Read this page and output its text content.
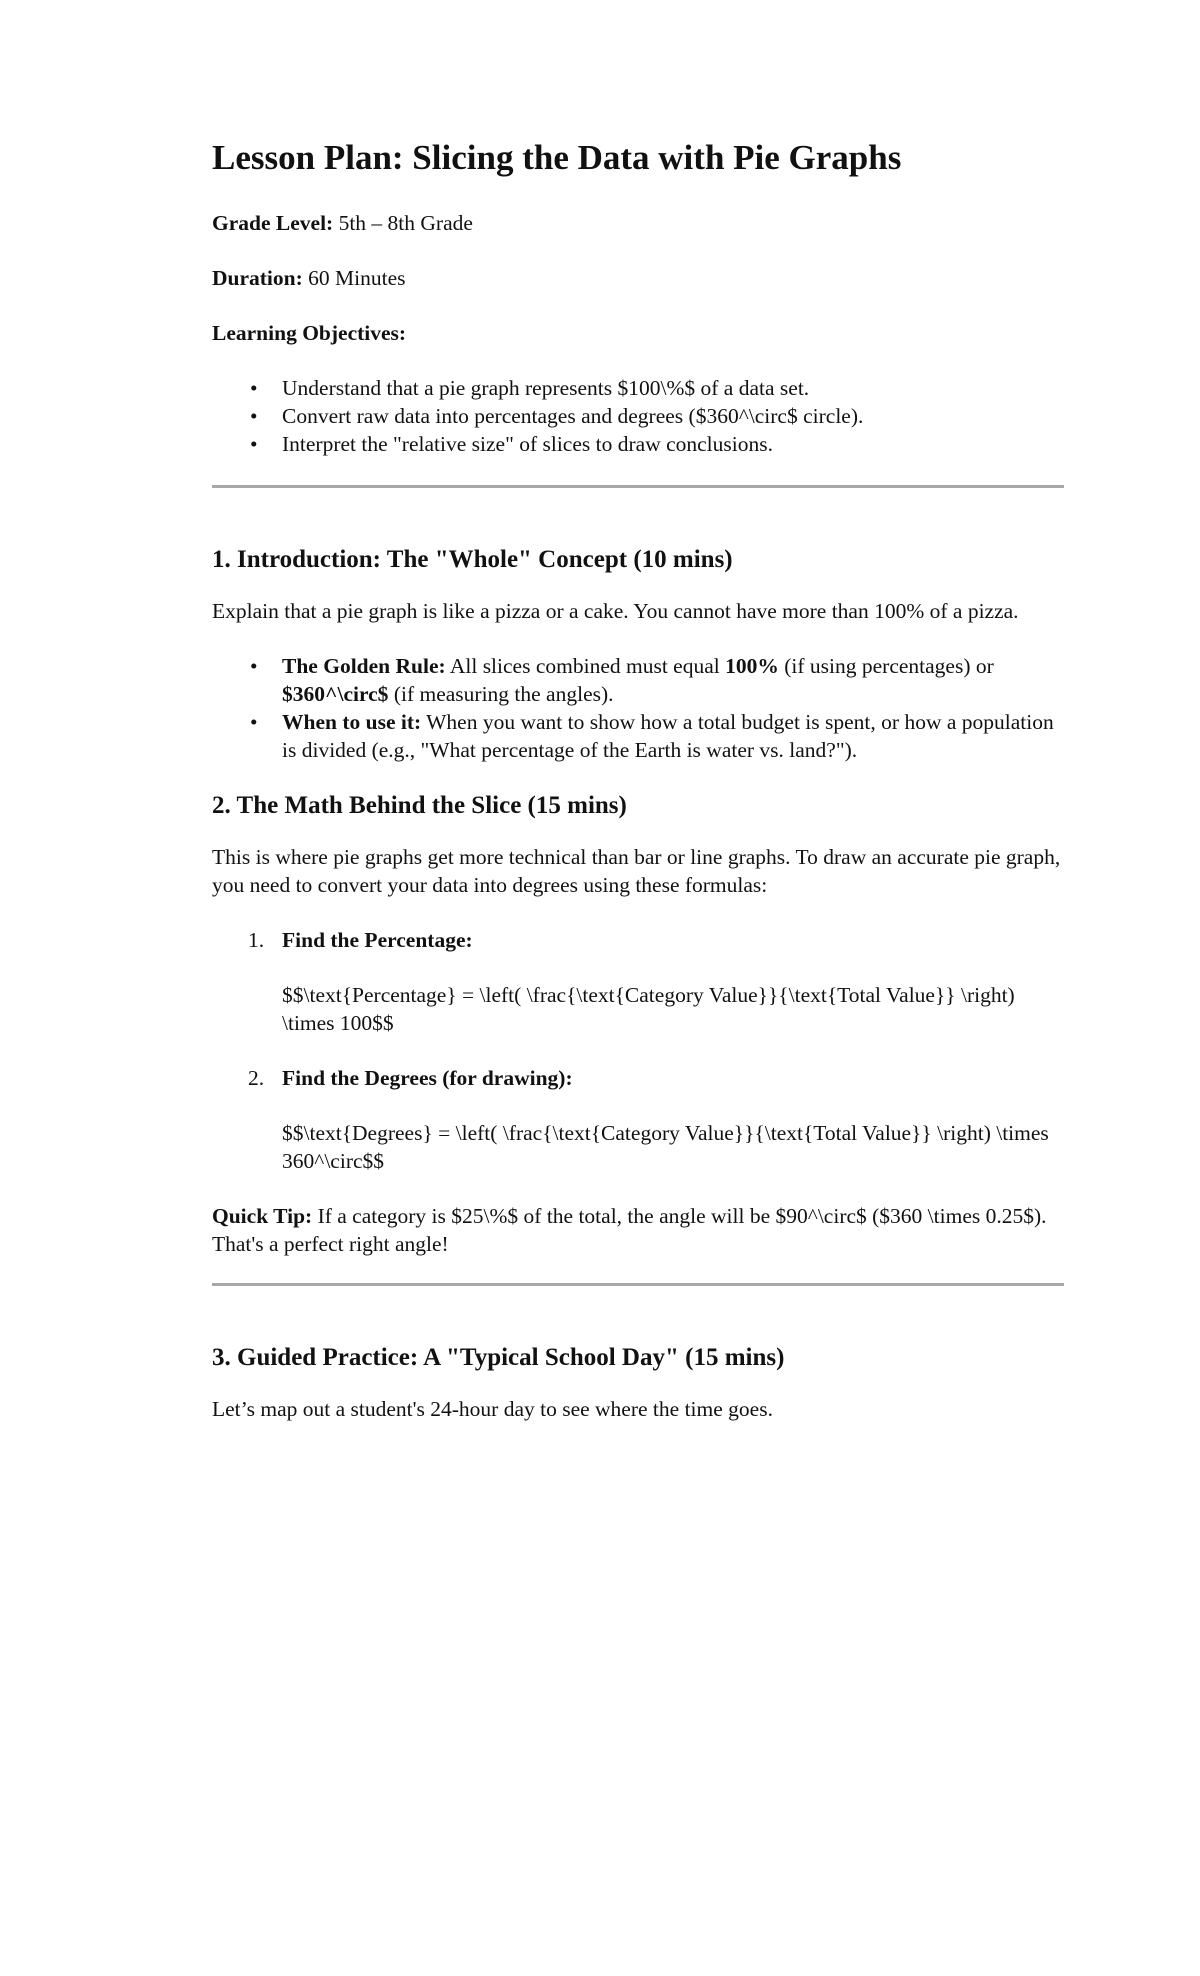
Lesson Plan: Slicing the Data with Pie Graphs

Grade Level: 5th – 8th Grade

Duration: 60 Minutes

Learning Objectives:

• Understand that a pie graph represents $100\%$ of a data set.
• Convert raw data into percentages and degrees ($360^\circ$ circle).
• Interpret the "relative size" of slices to draw conclusions.
1. Introduction: The "Whole" Concept (10 mins)

Explain that a pie graph is like a pizza or a cake. You cannot have more than 100% of a pizza.

• The Golden Rule: All slices combined must equal 100% (if using percentages) or $360^\circ$ (if measuring the angles).
• When to use it: When you want to show how a total budget is spent, or how a population is divided (e.g., "What percentage of the Earth is water vs. land?").
2. The Math Behind the Slice (15 mins)

This is where pie graphs get more technical than bar or line graphs. To draw an accurate pie graph, you need to convert your data into degrees using these formulas:

1. Find the Percentage:
$$\text{Percentage} = \left( \frac{\text{Category Value}}{\text{Total Value}} \right) \times 100$$
2. Find the Degrees (for drawing):
$$\text{Degrees} = \left( \frac{\text{Category Value}}{\text{Total Value}} \right) \times 360^\circ$$

Quick Tip: If a category is $25\%$ of the total, the angle will be $90^\circ$ ($360 \times 0.25$). That's a perfect right angle!

3. Guided Practice: A "Typical School Day" (15 mins)

Let’s map out a student's 24-hour day to see where the time goes.
